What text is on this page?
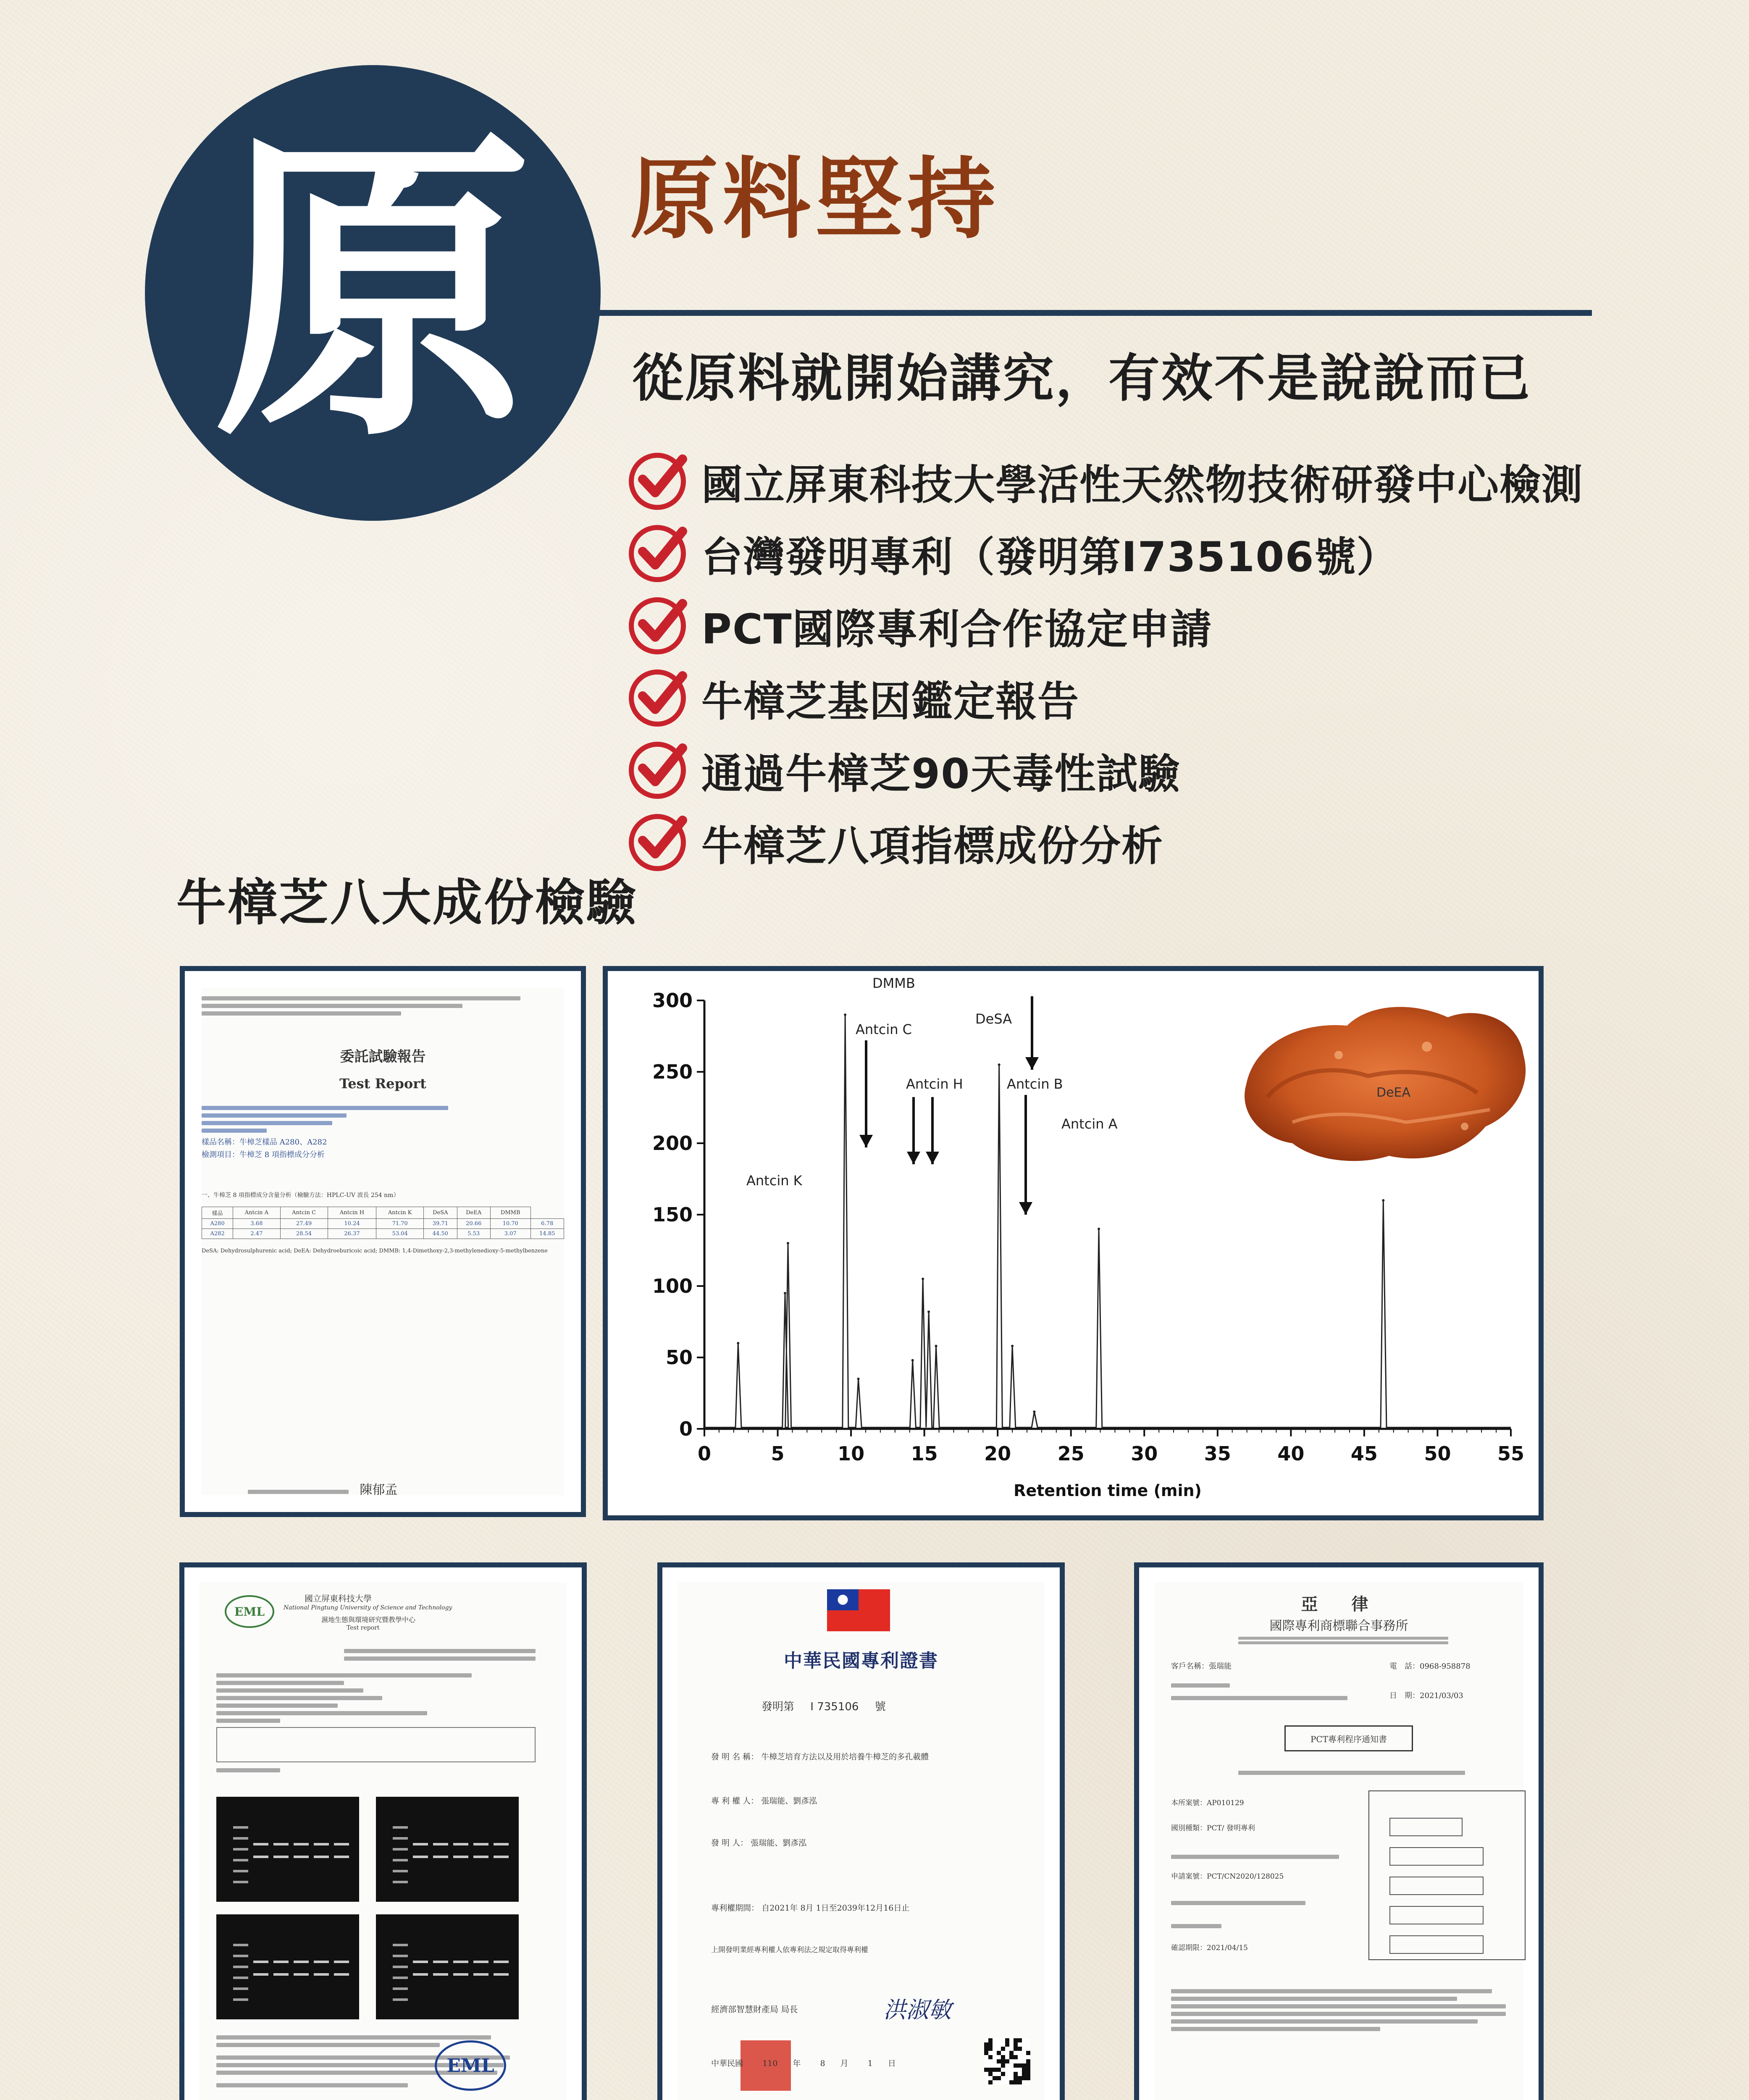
原	原料堅持
從原料就開始講究，有效不是說說而已
國立屏東科技大學活性天然物技術研發中心檢測
台灣發明專利（發明第I735106號）
PCT國際專利合作協定申請
牛樟芝基因鑑定報告
通過牛樟芝90天毒性試驗
牛樟芝八項指標成份分析
牛樟芝八大成份檢驗
委託試驗報告
Test Report
樣品名稱：牛樟芝樣品 A280、A282
檢測項目：牛樟芝 8 項指標成分分析
一、牛樟芝 8 項指標成分含量分析（檢驗方法：HPLC-UV 波長 254 nm）
樣品	Antcin A	Antcin C	Antcin H	Antcin K	DeSA	DeEA	DMMB	
A280	3.68	27.49	10.24	71.70	39.71	20.66	10.70	6.78
A282	2.47	28.54	26.37	53.04	44.50	5.53	3.07	14.85
DeSA: Dehydrosulphurenic acid; DeEA: Dehydroeburicoic acid; DMMB: 1,4-Dimethoxy-2,3-methylenedioxy-5-methylbenzene
陳郁孟
0	5	10 15 20 25 30 35 40 45 50 55
0
50
100
150
200
250
300
Retention time (min)
DMMB
Antcin C
DeSA
Antcin H	Antcin B
Antcin A
Antcin K
DeEA
EML
國立屏東科技大學
National Pingtung University of Science and Technology
濕地生態與環境研究暨教學中心
Test report
EML
中華民國專利證書
發明第 I 735106 號
發 明 名 稱： 牛樟芝培育方法以及用於培養牛樟芝的多孔載體
專 利 權 人： 張瑞能、劉彥泓
發 明 人： 張瑞能、劉彥泓
專利權期間： 自2021年 8月 1日至2039年12月16日止
上開發明業經專利權人依專利法之規定取得專利權
經濟部智慧財產局 局長	洪淑敏
中華民國 110 年 8 月 1 日
亞　律
國際專利商標聯合事務所
客戶名稱：張瑞能	電　話：0968-958878
日　期：2021/03/03
PCT專利程序通知書
本所案號：AP010129
國別種類：PCT/ 發明專利
申請案號：PCT/CN2020/128025
確認期限：2021/04/15
